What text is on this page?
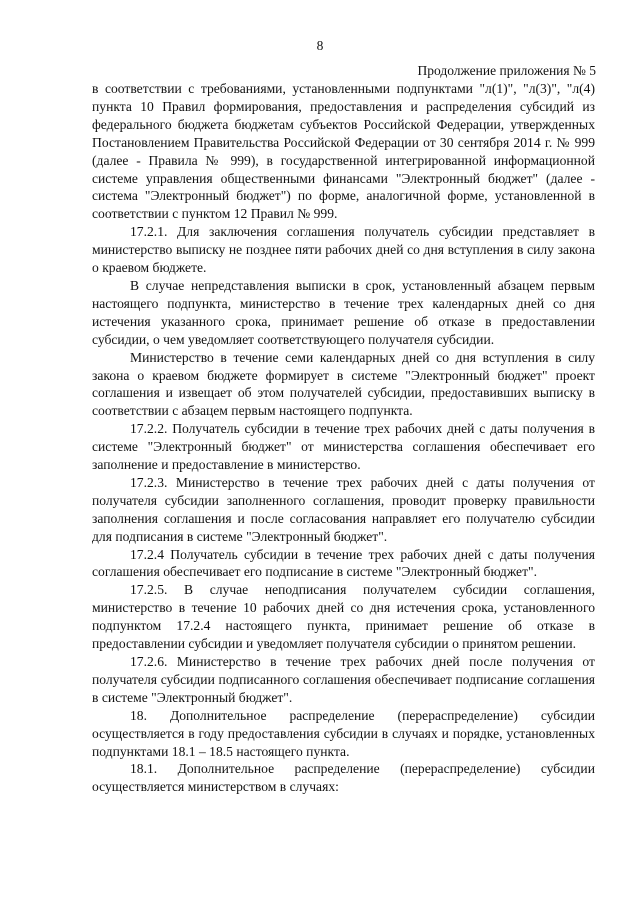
8
Продолжение приложения № 5

в соответствии с требованиями, установленными подпунктами "л(1)", "л(3)", "л(4) пункта 10 Правил формирования, предоставления и распределения субсидий из федерального бюджета бюджетам субъектов Российской Федерации, утвержденных Постановлением Правительства Российской Федерации от 30 сентября 2014 г. № 999 (далее - Правила № 999), в государственной интегрированной информационной системе управления общественными финансами "Электронный бюджет" (далее - система "Электронный бюджет") по форме, аналогичной форме, установленной в соответствии с пунктом 12 Правил № 999.

17.2.1. Для заключения соглашения получатель субсидии представляет в министерство выписку не позднее пяти рабочих дней со дня вступления в силу закона о краевом бюджете.

В случае непредставления выписки в срок, установленный абзацем первым настоящего подпункта, министерство в течение трех календарных дней со дня истечения указанного срока, принимает решение об отказе в предоставлении субсидии, о чем уведомляет соответствующего получателя субсидии.

Министерство в течение семи календарных дней со дня вступления в силу закона о краевом бюджете формирует в системе "Электронный бюджет" проект соглашения и извещает об этом получателей субсидии, предоставивших выписку в соответствии с абзацем первым настоящего подпункта.

17.2.2. Получатель субсидии в течение трех рабочих дней с даты получения в системе "Электронный бюджет" от министерства соглашения обеспечивает его заполнение и предоставление в министерство.

17.2.3. Министерство в течение трех рабочих дней с даты получения от получателя субсидии заполненного соглашения, проводит проверку правильности заполнения соглашения и после согласования направляет его получателю субсидии для подписания в системе "Электронный бюджет".

17.2.4 Получатель субсидии в течение трех рабочих дней с даты получения соглашения обеспечивает его подписание в системе "Электронный бюджет".

17.2.5. В случае неподписания получателем субсидии соглашения, министерство в течение 10 рабочих дней со дня истечения срока, установленного подпунктом 17.2.4 настоящего пункта, принимает решение об отказе в предоставлении субсидии и уведомляет получателя субсидии о принятом решении.

17.2.6. Министерство в течение трех рабочих дней после получения от получателя субсидии подписанного соглашения обеспечивает подписание соглашения в системе "Электронный бюджет".

18. Дополнительное распределение (перераспределение) субсидии осуществляется в году предоставления субсидии в случаях и порядке, установленных подпунктами 18.1 – 18.5 настоящего пункта.

18.1. Дополнительное распределение (перераспределение) субсидии осуществляется министерством в случаях:
